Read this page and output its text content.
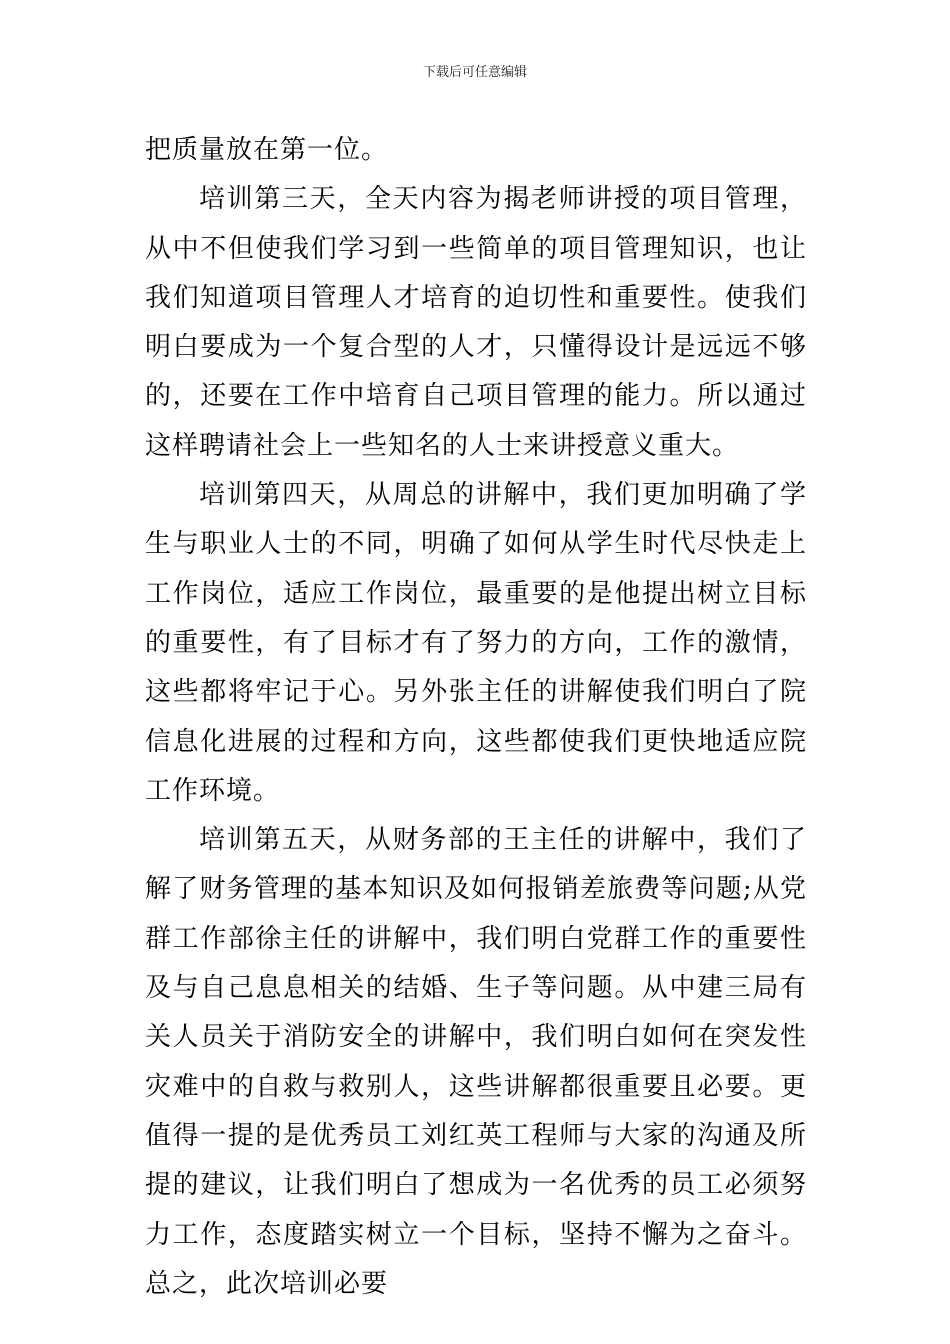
下载后可任意编辑

把质量放在第一位。

培训第三天，全天内容为揭老师讲授的项目管理，从中不但使我们学习到一些简单的项目管理知识，也让我们知道项目管理人才培育的迫切性和重要性。使我们明白要成为一个复合型的人才，只懂得设计是远远不够的，还要在工作中培育自己项目管理的能力。所以通过这样聘请社会上一些知名的人士来讲授意义重大。

培训第四天，从周总的讲解中，我们更加明确了学生与职业人士的不同，明确了如何从学生时代尽快走上工作岗位，适应工作岗位，最重要的是他提出树立目标的重要性，有了目标才有了努力的方向，工作的激情，这些都将牢记于心。另外张主任的讲解使我们明白了院信息化进展的过程和方向，这些都使我们更快地适应院工作环境。

培训第五天，从财务部的王主任的讲解中，我们了解了财务管理的基本知识及如何报销差旅费等问题;从党群工作部徐主任的讲解中，我们明白党群工作的重要性及与自己息息相关的结婚、生子等问题。从中建三局有关人员关于消防安全的讲解中，我们明白如何在突发性灾难中的自救与救别人，这些讲解都很重要且必要。更值得一提的是优秀员工刘红英工程师与大家的沟通及所提的建议，让我们明白了想成为一名优秀的员工必须努力工作，态度踏实树立一个目标，坚持不懈为之奋斗。总之，此次培训必要
